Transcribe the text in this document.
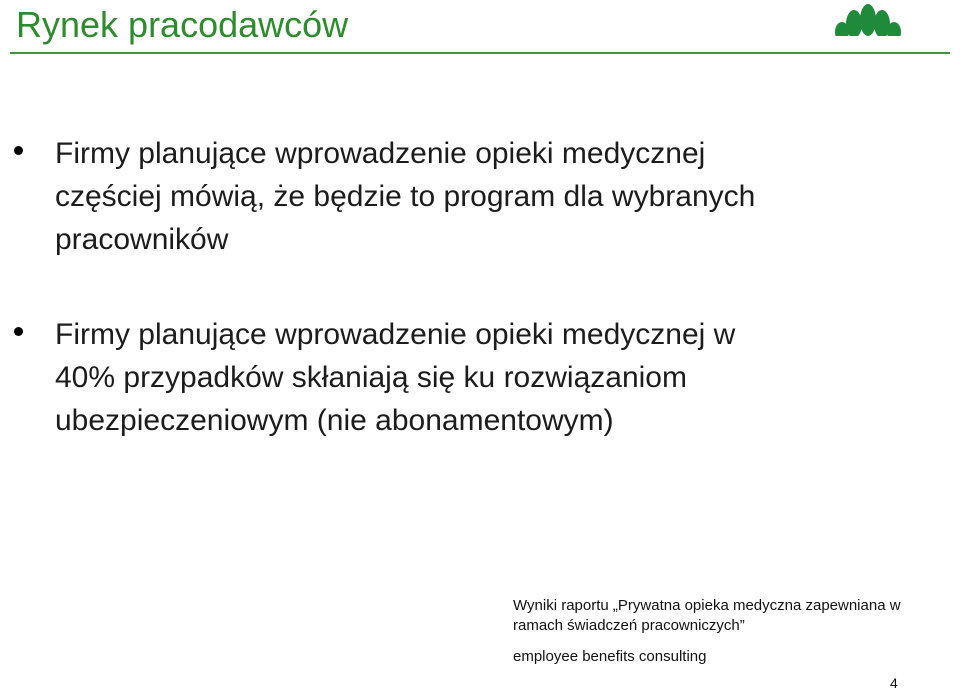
Rynek pracodawców
Firmy planujące wprowadzenie opieki medycznej
częściej mówią, że będzie to program dla wybranych
pracowników
Firmy planujące wprowadzenie opieki medycznej w
40% przypadków skłaniają się ku rozwiązaniom
ubezpieczeniowym (nie abonamentowym)
Wyniki raportu „Prywatna opieka medyczna zapewniana w
ramach świadczeń pracowniczych”
employee benefits consulting
4
